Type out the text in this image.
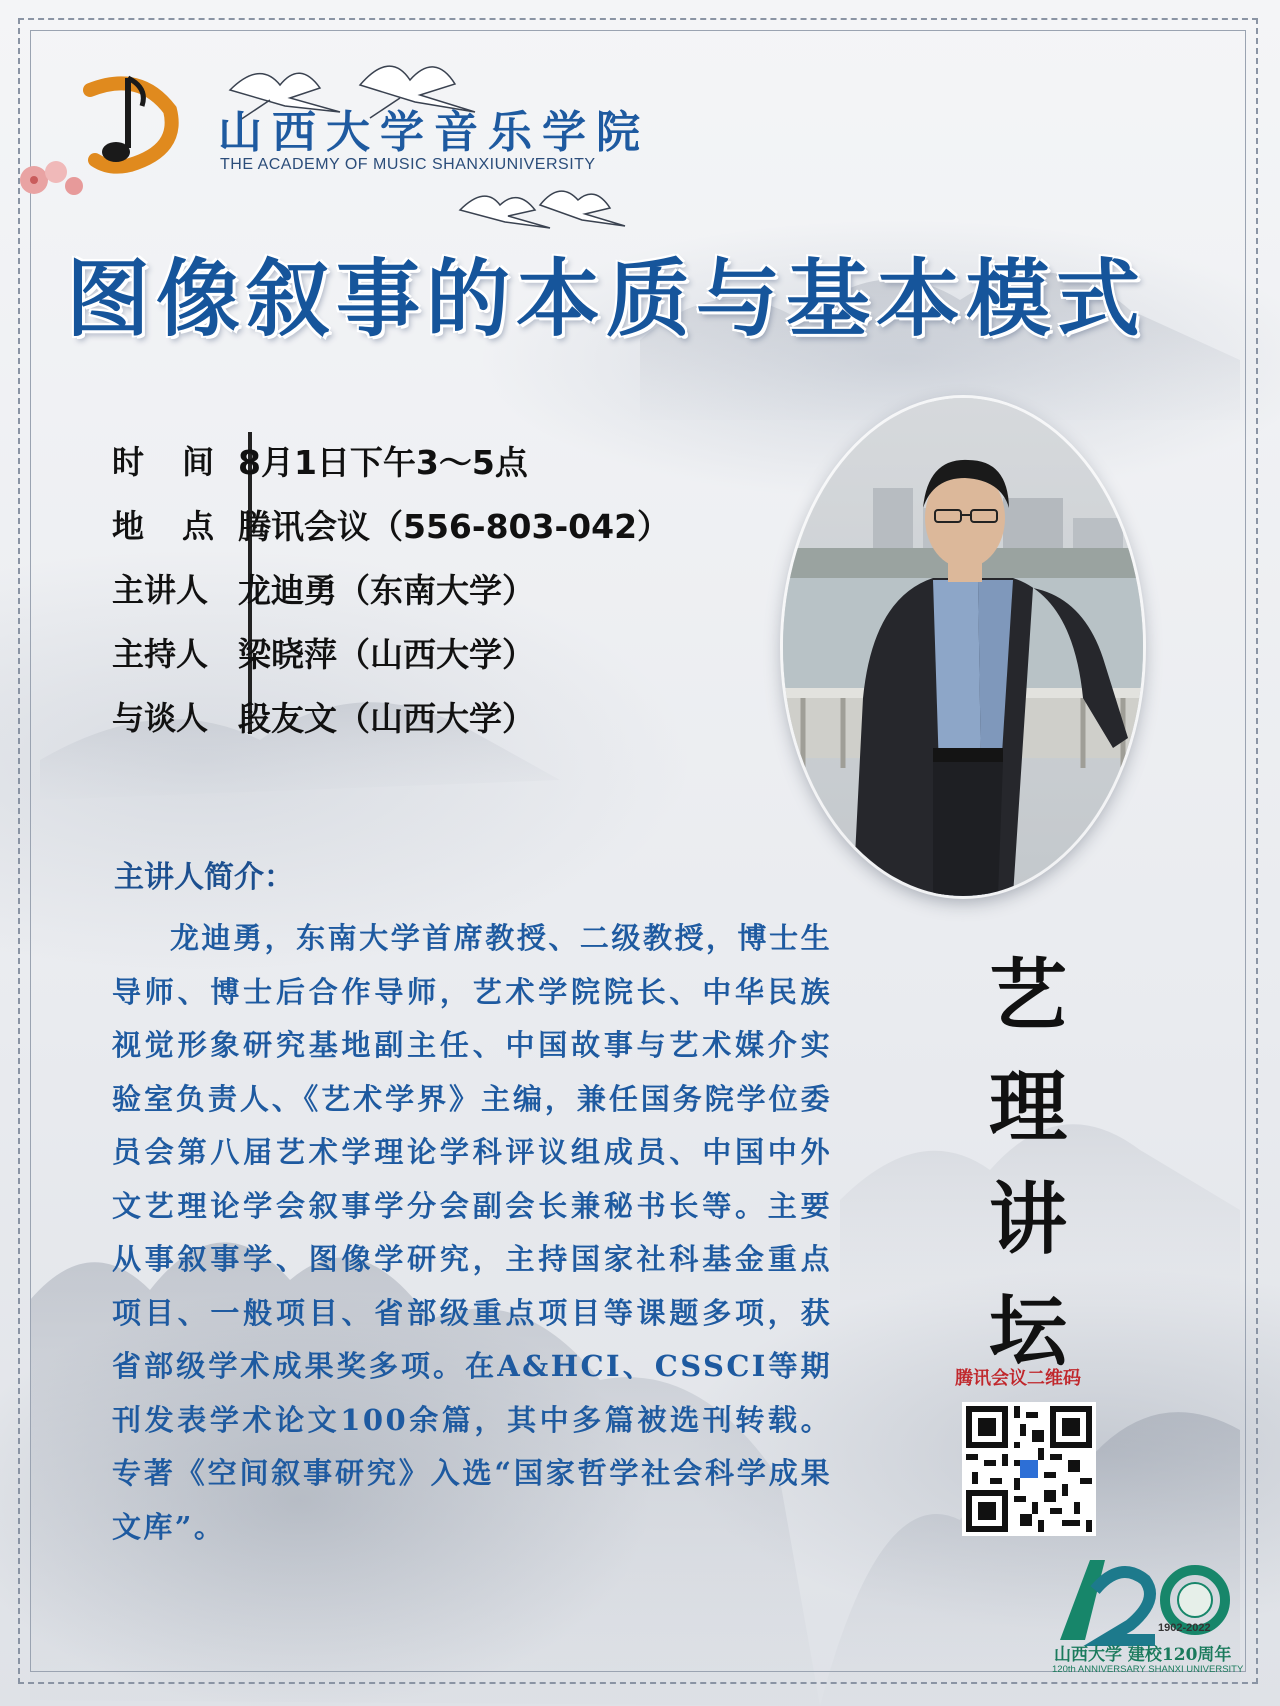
山西大学音乐学院
THE ACADEMY OF MUSIC SHANXIUNIVERSITY
图像叙事的本质与基本模式
时间
8月1日下午3～5点
地点
腾讯会议（556-803-042）
主讲人 龙迪勇（东南大学）
主持人 梁晓萍（山西大学）
与谈人 段友文（山西大学）
主讲人简介：
龙迪勇，东南大学首席教授、二级教授，博士生导师、博士后合作导师，艺术学院院长、中华民族视觉形象研究基地副主任、中国故事与艺术媒介实验室负责人、《艺术学界》主编，兼任国务院学位委员会第八届艺术学理论学科评议组成员、中国中外文艺理论学会叙事学分会副会长兼秘书长等。主要从事叙事学、图像学研究，主持国家社科基金重点项目、一般项目、省部级重点项目等课题多项，获省部级学术成果奖多项。在A&HCI、CSSCI等期刊发表学术论文100余篇，其中多篇被选刊转载。专著《空间叙事研究》入选“国家哲学社会科学成果文库”。
艺
理
讲
坛
腾讯会议二维码
1902-2022
山西大学 建校120周年
120th ANNIVERSARY SHANXI UNIVERSITY
